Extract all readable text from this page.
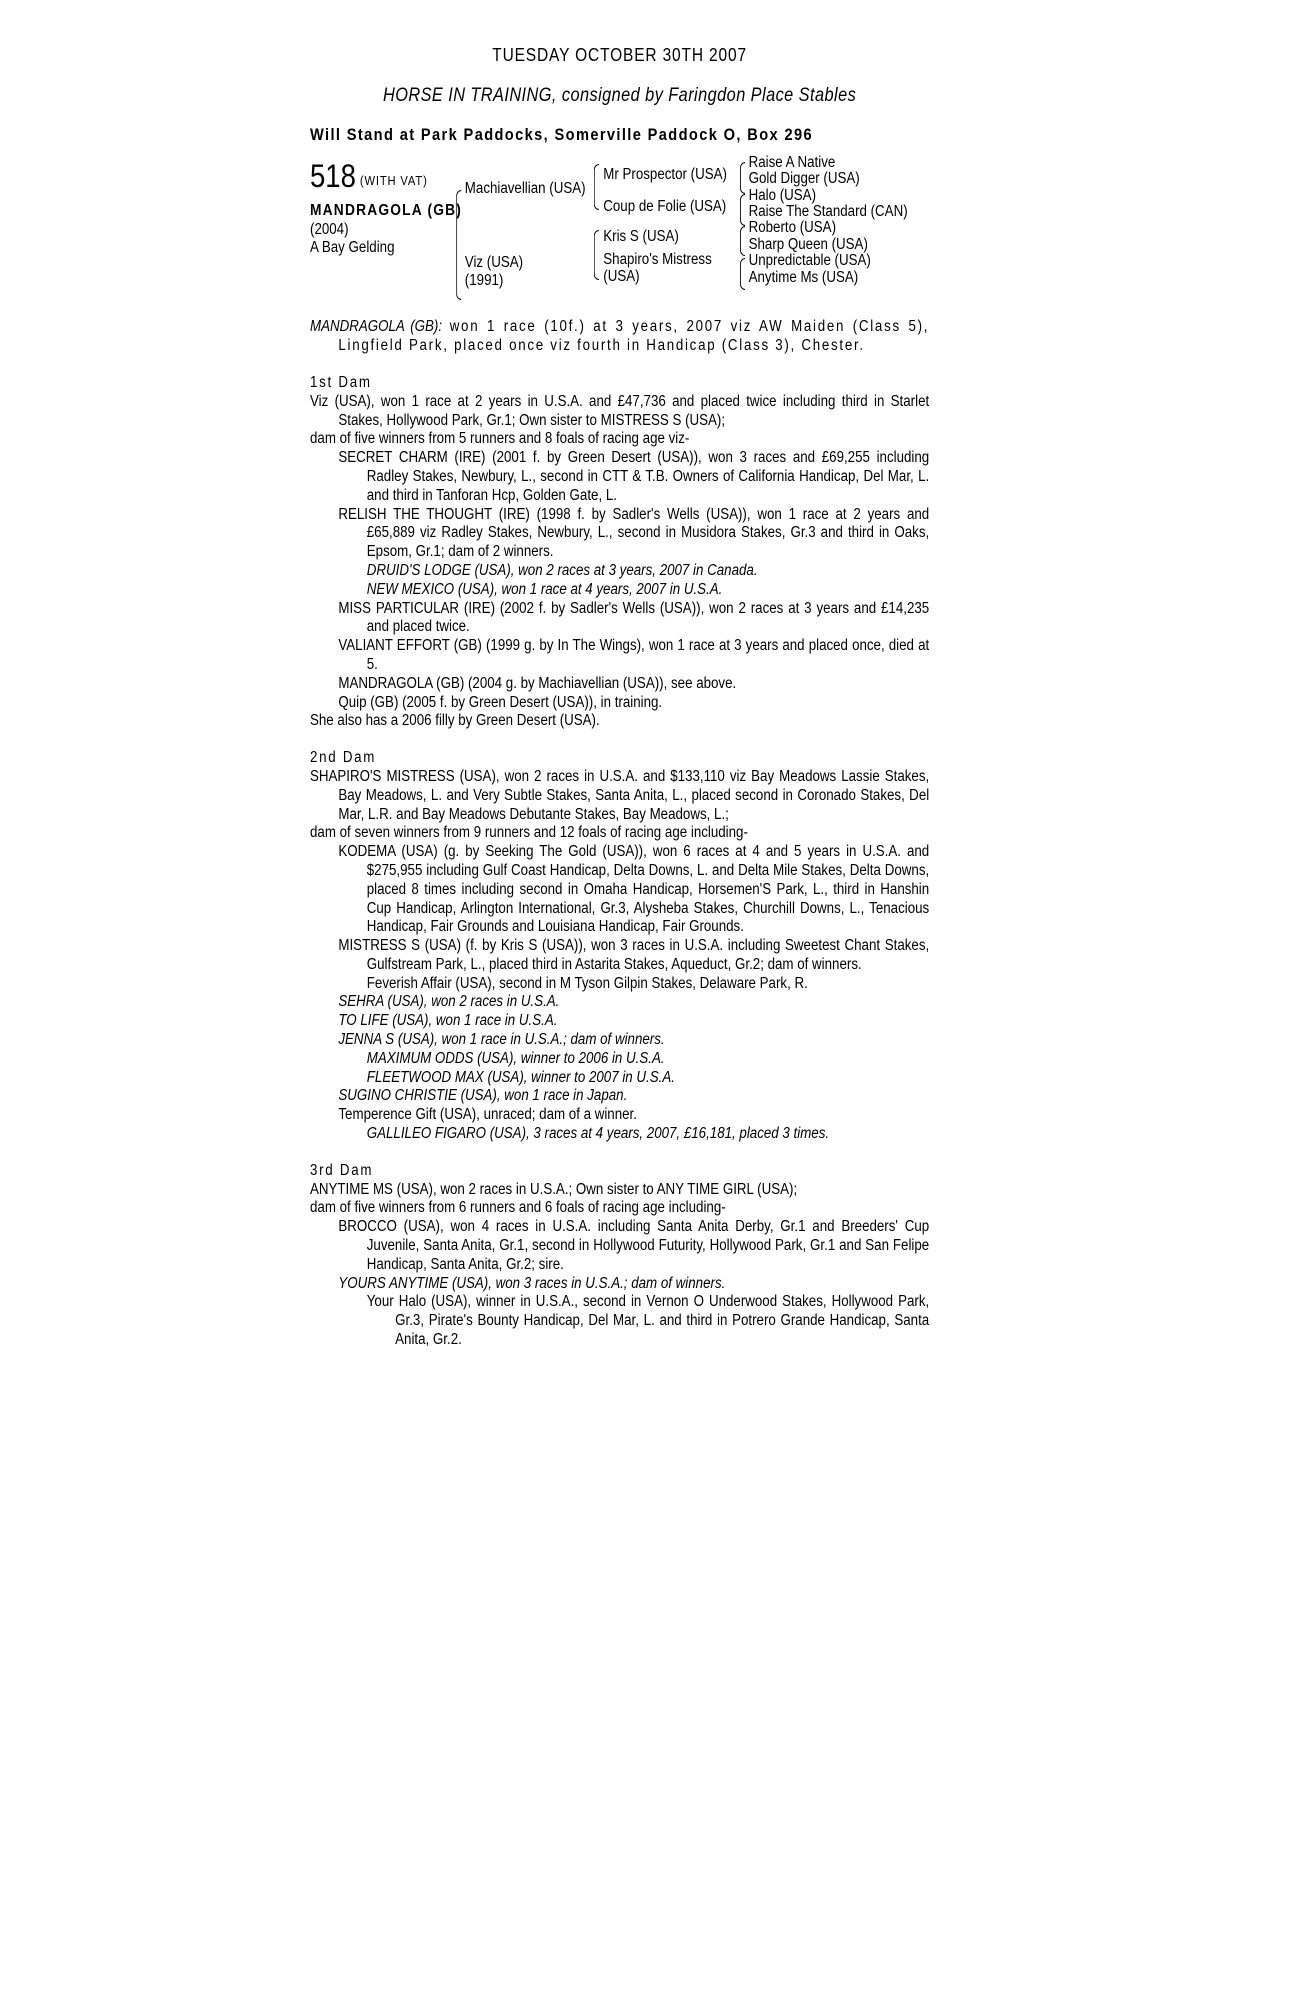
TUESDAY OCTOBER 30TH 2007

HORSE IN TRAINING, consigned by Faringdon Place Stables

Will Stand at Park Paddocks, Somerville Paddock O, Box 296

518 (WITH VAT)
MANDRAGOLA (GB)
(2004)
A Bay Gelding
Machiavellian (USA)
Viz (USA)
(1991)
Mr Prospector (USA)
Coup de Folie (USA)
Kris S (USA)
Shapiro's Mistress
(USA)
Raise A Native
Gold Digger (USA)
Halo (USA)
Raise The Standard (CAN)
Roberto (USA)
Sharp Queen (USA)
Unpredictable (USA)
Anytime Ms (USA)

MANDRAGOLA (GB): won 1 race (10f.) at 3 years, 2007 viz AW Maiden (Class 5), Lingfield Park, placed once viz fourth in Handicap (Class 3), Chester.

1st Dam

Viz (USA), won 1 race at 2 years in U.S.A. and £47,736 and placed twice including third in Starlet Stakes, Hollywood Park, Gr.1; Own sister to MISTRESS S (USA);

dam of five winners from 5 runners and 8 foals of racing age viz-

SECRET CHARM (IRE) (2001 f. by Green Desert (USA)), won 3 races and £69,255 including Radley Stakes, Newbury, L., second in CTT & T.B. Owners of California Handicap, Del Mar, L. and third in Tanforan Hcp, Golden Gate, L.

RELISH THE THOUGHT (IRE) (1998 f. by Sadler's Wells (USA)), won 1 race at 2 years and £65,889 viz Radley Stakes, Newbury, L., second in Musidora Stakes, Gr.3 and third in Oaks, Epsom, Gr.1; dam of 2 winners.

DRUID'S LODGE (USA), won 2 races at 3 years, 2007 in Canada.

NEW MEXICO (USA), won 1 race at 4 years, 2007 in U.S.A.

MISS PARTICULAR (IRE) (2002 f. by Sadler's Wells (USA)), won 2 races at 3 years and £14,235 and placed twice.

VALIANT EFFORT (GB) (1999 g. by In The Wings), won 1 race at 3 years and placed once, died at 5.

MANDRAGOLA (GB) (2004 g. by Machiavellian (USA)), see above.

Quip (GB) (2005 f. by Green Desert (USA)), in training.

She also has a 2006 filly by Green Desert (USA).

2nd Dam

SHAPIRO'S MISTRESS (USA), won 2 races in U.S.A. and $133,110 viz Bay Meadows Lassie Stakes, Bay Meadows, L. and Very Subtle Stakes, Santa Anita, L., placed second in Coronado Stakes, Del Mar, L.R. and Bay Meadows Debutante Stakes, Bay Meadows, L.;

dam of seven winners from 9 runners and 12 foals of racing age including-

KODEMA (USA) (g. by Seeking The Gold (USA)), won 6 races at 4 and 5 years in U.S.A. and $275,955 including Gulf Coast Handicap, Delta Downs, L. and Delta Mile Stakes, Delta Downs, placed 8 times including second in Omaha Handicap, Horsemen'S Park, L., third in Hanshin Cup Handicap, Arlington International, Gr.3, Alysheba Stakes, Churchill Downs, L., Tenacious Handicap, Fair Grounds and Louisiana Handicap, Fair Grounds.

MISTRESS S (USA) (f. by Kris S (USA)), won 3 races in U.S.A. including Sweetest Chant Stakes, Gulfstream Park, L., placed third in Astarita Stakes, Aqueduct, Gr.2; dam of winners.

Feverish Affair (USA), second in M Tyson Gilpin Stakes, Delaware Park, R.

SEHRA (USA), won 2 races in U.S.A.

TO LIFE (USA), won 1 race in U.S.A.

JENNA S (USA), won 1 race in U.S.A.; dam of winners.

MAXIMUM ODDS (USA), winner to 2006 in U.S.A.

FLEETWOOD MAX (USA), winner to 2007 in U.S.A.

SUGINO CHRISTIE (USA), won 1 race in Japan.

Temperence Gift (USA), unraced; dam of a winner.

GALLILEO FIGARO (USA), 3 races at 4 years, 2007, £16,181, placed 3 times.

3rd Dam

ANYTIME MS (USA), won 2 races in U.S.A.; Own sister to ANY TIME GIRL (USA);

dam of five winners from 6 runners and 6 foals of racing age including-

BROCCO (USA), won 4 races in U.S.A. including Santa Anita Derby, Gr.1 and Breeders' Cup Juvenile, Santa Anita, Gr.1, second in Hollywood Futurity, Hollywood Park, Gr.1 and San Felipe Handicap, Santa Anita, Gr.2; sire.

YOURS ANYTIME (USA), won 3 races in U.S.A.; dam of winners.

Your Halo (USA), winner in U.S.A., second in Vernon O Underwood Stakes, Hollywood Park, Gr.3, Pirate's Bounty Handicap, Del Mar, L. and third in Potrero Grande Handicap, Santa Anita, Gr.2.
